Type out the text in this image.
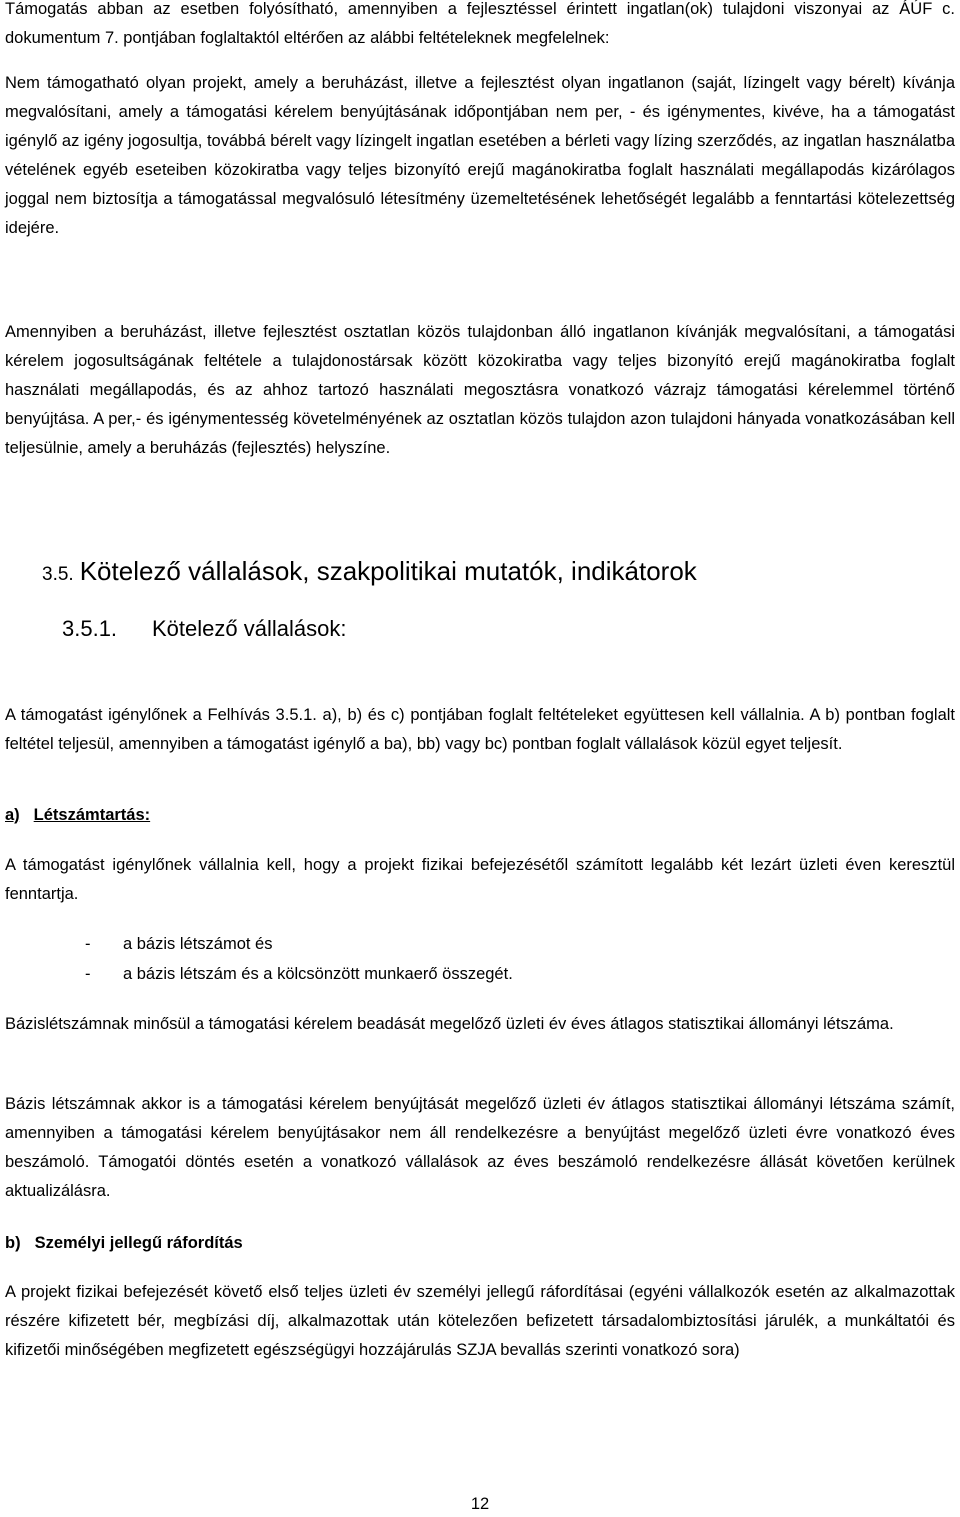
Támogatás abban az esetben folyósítható, amennyiben a fejlesztéssel érintett ingatlan(ok) tulajdoni viszonyai az ÁÚF c. dokumentum 7. pontjában foglaltaktól eltérően az alábbi feltételeknek megfelelnek:

Nem támogatható olyan projekt, amely a beruházást, illetve a fejlesztést olyan ingatlanon (saját, lízingelt vagy bérelt) kívánja megvalósítani, amely a támogatási kérelem benyújtásának időpontjában nem per, - és igénymentes, kivéve, ha a támogatást igénylő az igény jogosultja, továbbá bérelt vagy lízingelt ingatlan esetében a bérleti vagy lízing szerződés, az ingatlan használatba vételének egyéb eseteiben közokiratba vagy teljes bizonyító erejű magánokiratba foglalt használati megállapodás kizárólagos joggal nem biztosítja a támogatással megvalósuló létesítmény üzemeltetésének lehetőségét legalább a fenntartási kötelezettség idejére.

Amennyiben a beruházást, illetve fejlesztést osztatlan közös tulajdonban álló ingatlanon kívánják megvalósítani, a támogatási kérelem jogosultságának feltétele a tulajdonostársak között közokiratba vagy teljes bizonyító erejű magánokiratba foglalt használati megállapodás, és az ahhoz tartozó használati megosztásra vonatkozó vázrajz támogatási kérelemmel történő benyújtása. A per,- és igénymentesség követelményének az osztatlan közös tulajdon azon tulajdoni hányada vonatkozásában kell teljesülnie, amely a beruházás (fejlesztés) helyszíne.

3.5. Kötelező vállalások, szakpolitikai mutatók, indikátorok
3.5.1. Kötelező vállalások:

A támogatást igénylőnek a Felhívás 3.5.1. a), b) és c) pontjában foglalt feltételeket együttesen kell vállalnia. A b) pontban foglalt feltétel teljesül, amennyiben a támogatást igénylő a ba), bb) vagy bc) pontban foglalt vállalások közül egyet teljesít.

a) Létszámtartás:

A támogatást igénylőnek vállalnia kell, hogy a projekt fizikai befejezésétől számított legalább két lezárt üzleti éven keresztül fenntartja.

- a bázis létszámot és
- a bázis létszám és a kölcsönzött munkaerő összegét.

Bázislétszámnak minősül a támogatási kérelem beadását megelőző üzleti év éves átlagos statisztikai állományi létszáma.

Bázis létszámnak akkor is a támogatási kérelem benyújtását megelőző üzleti év átlagos statisztikai állományi létszáma számít, amennyiben a támogatási kérelem benyújtásakor nem áll rendelkezésre a benyújtást megelőző üzleti évre vonatkozó éves beszámoló. Támogatói döntés esetén a vonatkozó vállalások az éves beszámoló rendelkezésre állását követően kerülnek aktualizálásra.

b) Személyi jellegű ráfordítás

A projekt fizikai befejezését követő első teljes üzleti év személyi jellegű ráfordításai (egyéni vállalkozók esetén az alkalmazottak részére kifizetett bér, megbízási díj, alkalmazottak után kötelezően befizetett társadalombiztosítási járulék, a munkáltatói és kifizetői minőségében megfizetett egészségügyi hozzájárulás SZJA bevallás szerinti vonatkozó sora)

12
